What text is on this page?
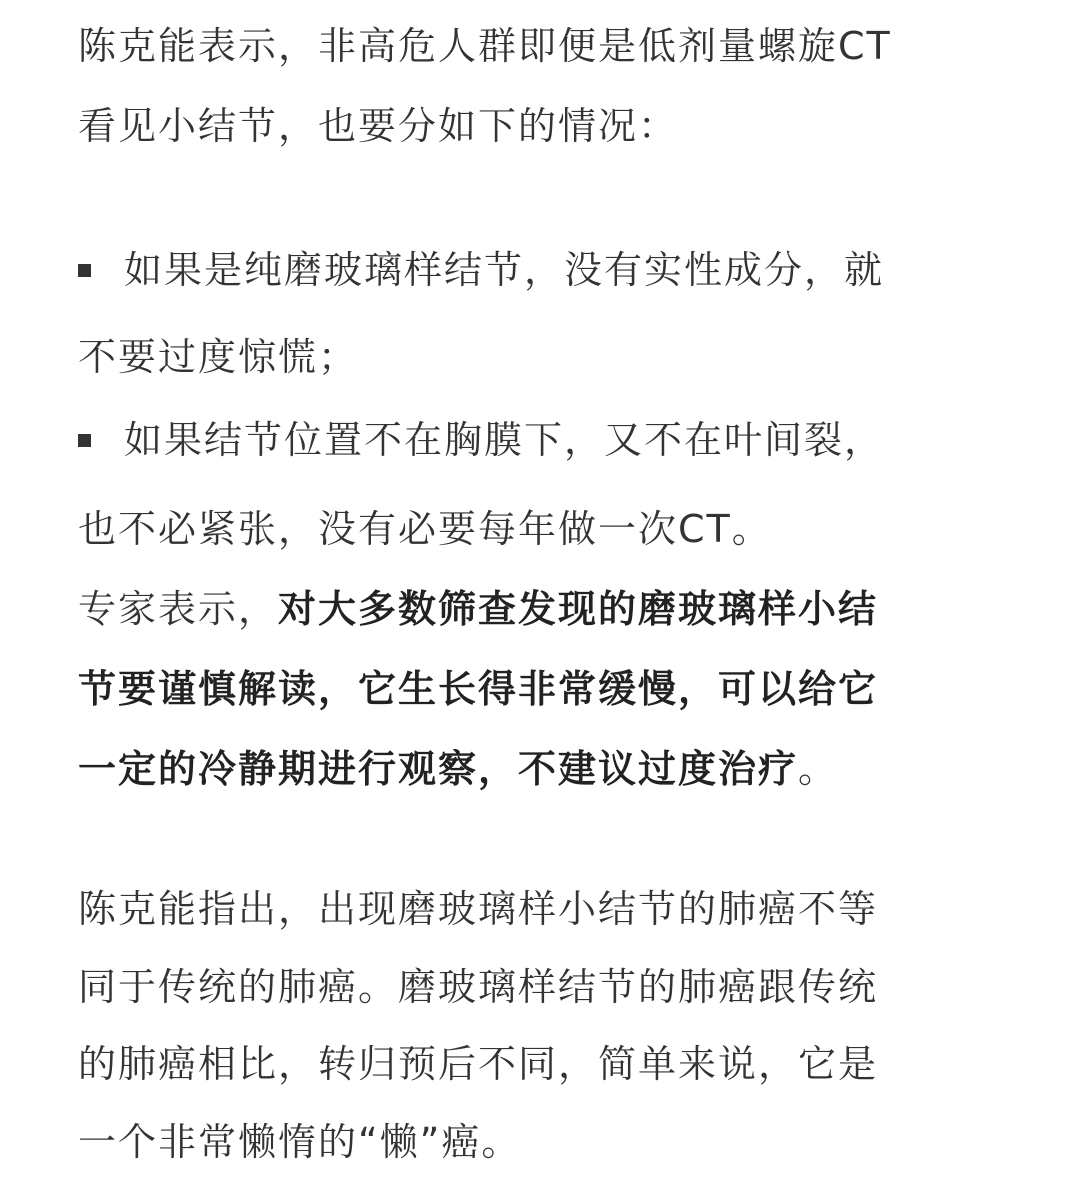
陈克能表示，非高危人群即便是低剂量螺旋CT
看见小结节，也要分如下的情况：
如果是纯磨玻璃样结节，没有实性成分，就
不要过度惊慌；
如果结节位置不在胸膜下，又不在叶间裂，
也不必紧张，没有必要每年做一次CT。
专家表示，对大多数筛查发现的磨玻璃样小结
节要谨慎解读，它生长得非常缓慢，可以给它
一定的冷静期进行观察，不建议过度治疗。
陈克能指出，出现磨玻璃样小结节的肺癌不等
同于传统的肺癌。磨玻璃样结节的肺癌跟传统
的肺癌相比，转归预后不同，简单来说，它是
一个非常懒惰的“懒”癌。
